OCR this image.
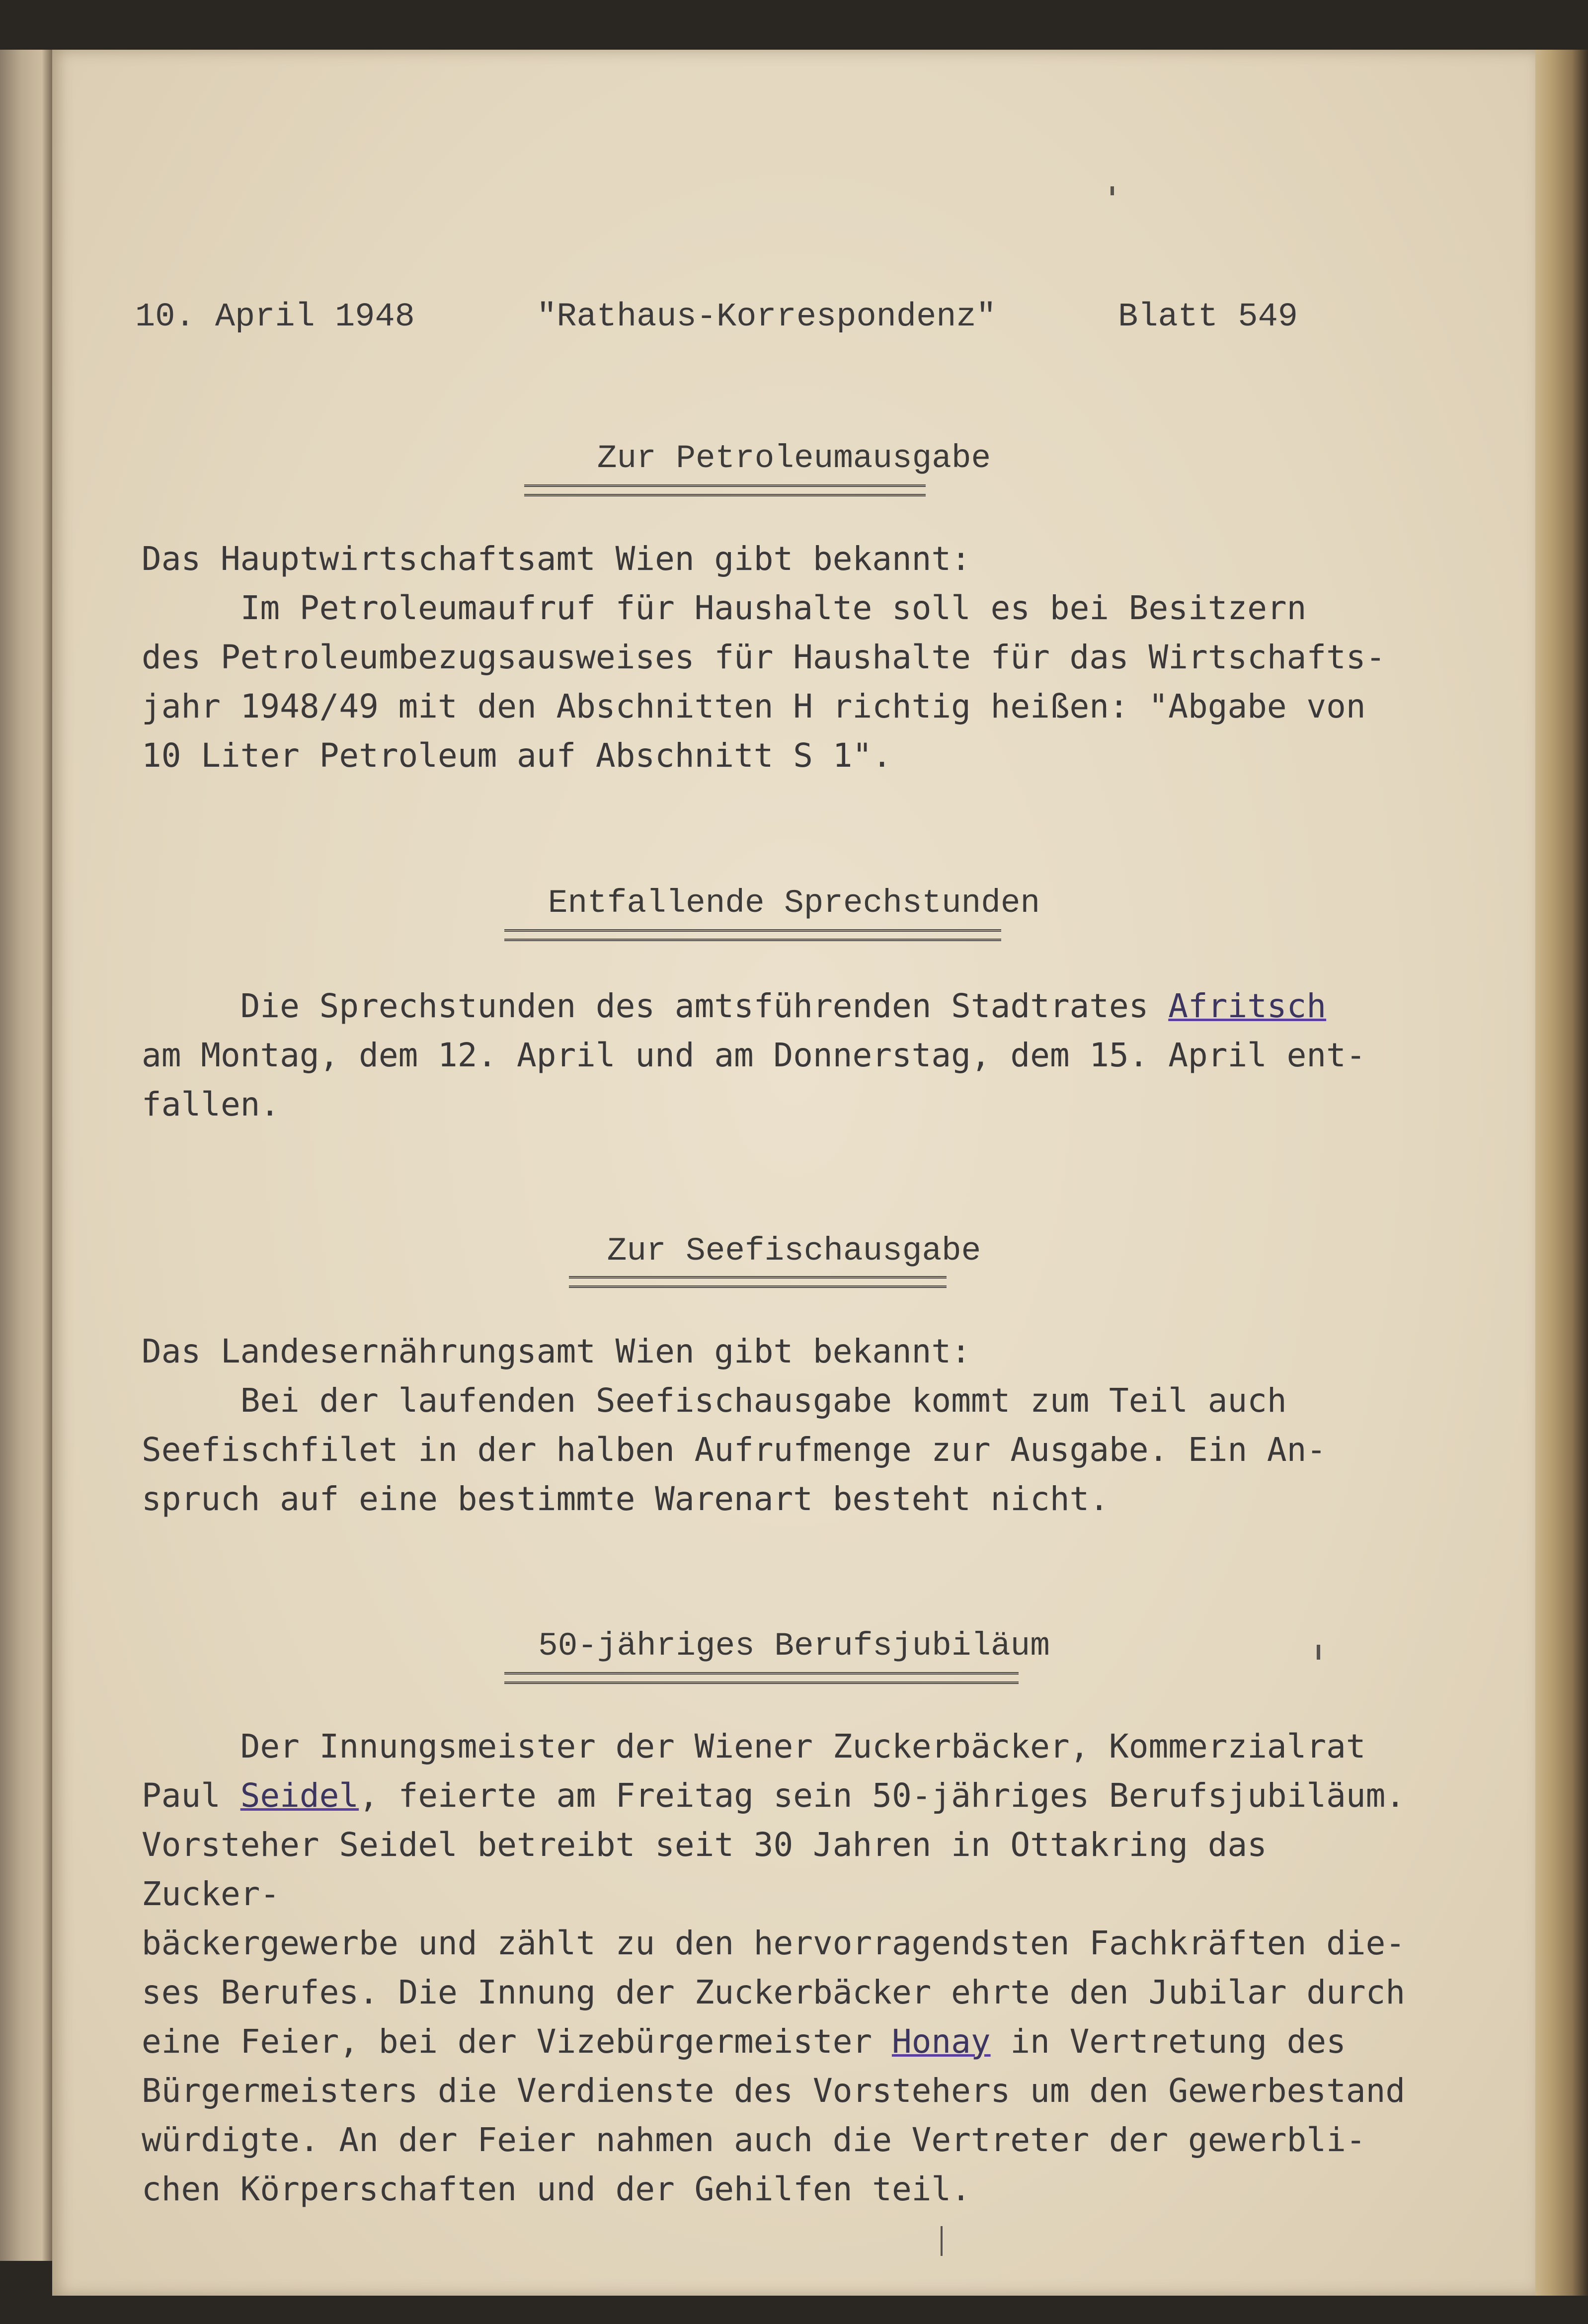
10. April 1948	"Rathaus-Korrespondenz"	Blatt 549
Zur Petroleumausgabe
Das Hauptwirtschaftsamt Wien gibt bekannt:
Im Petroleumaufruf für Haushalte soll es bei Besitzern
des Petroleumbezugsausweises für Haushalte für das Wirtschafts-
jahr 1948/49 mit den Abschnitten H richtig heißen: "Abgabe von
10 Liter Petroleum auf Abschnitt S 1".
Entfallende Sprechstunden
Die Sprechstunden des amtsführenden Stadtrates Afritsch
am Montag, dem 12. April und am Donnerstag, dem 15. April ent-
fallen.
Zur Seefischausgabe
Das Landesernährungsamt Wien gibt bekannt:
Bei der laufenden Seefischausgabe kommt zum Teil auch
Seefischfilet in der halben Aufrufmenge zur Ausgabe. Ein An-
spruch auf eine bestimmte Warenart besteht nicht.
50-jähriges Berufsjubiläum
Der Innungsmeister der Wiener Zuckerbäcker, Kommerzialrat
Paul Seidel, feierte am Freitag sein 50-jähriges Berufsjubiläum.
Vorsteher Seidel betreibt seit 30 Jahren in Ottakring das Zucker-
bäckergewerbe und zählt zu den hervorragendsten Fachkräften die-
ses Berufes. Die Innung der Zuckerbäcker ehrte den Jubilar durch
eine Feier, bei der Vizebürgermeister Honay in Vertretung des
Bürgermeisters die Verdienste des Vorstehers um den Gewerbestand
würdigte. An der Feier nahmen auch die Vertreter der gewerbli-
chen Körperschaften und der Gehilfen teil.
